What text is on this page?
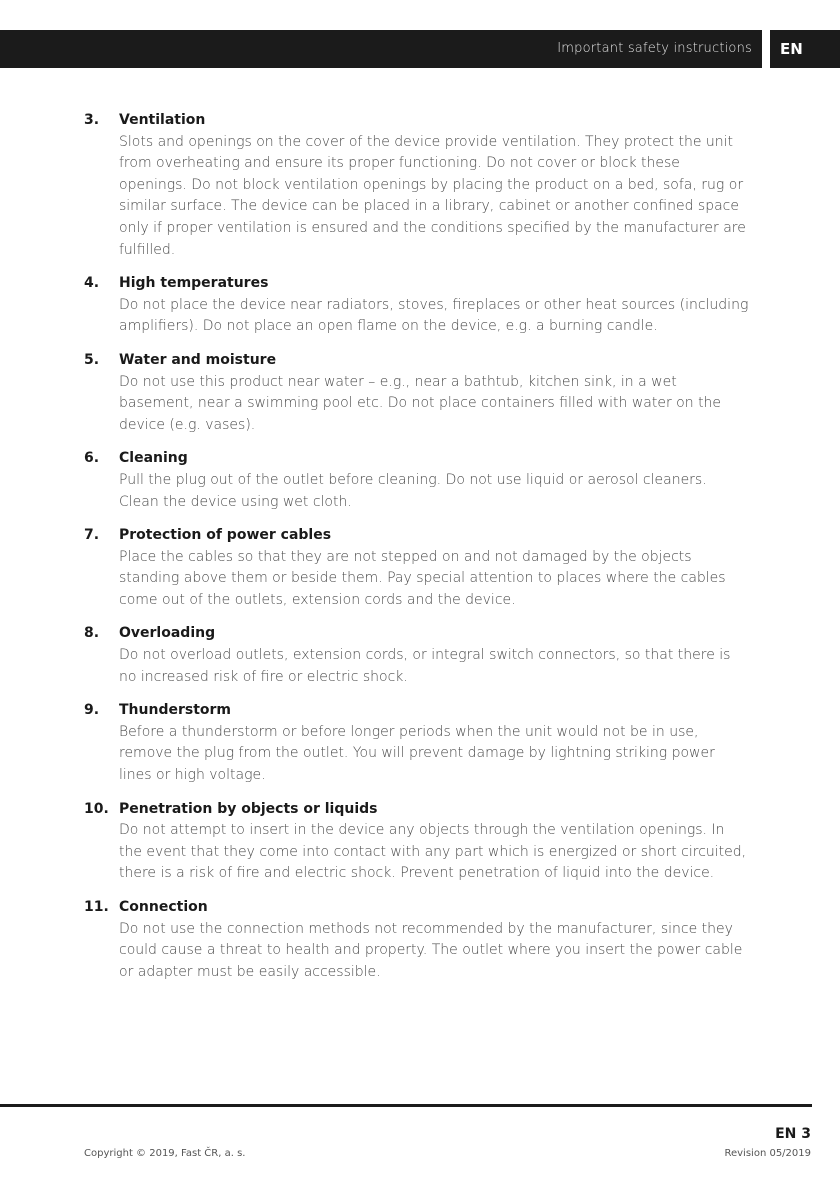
Important safety instructions	EN
3. Ventilation
Slots and openings on the cover of the device provide ventilation. They protect the unit from overheating and ensure its proper functioning. Do not cover or block these openings. Do not block ventilation openings by placing the product on a bed, sofa, rug or similar surface. The device can be placed in a library, cabinet or another confined space only if proper ventilation is ensured and the conditions specified by the manufacturer are fulfilled.
4. High temperatures
Do not place the device near radiators, stoves, fireplaces or other heat sources (including amplifiers). Do not place an open flame on the device, e.g. a burning candle.
5. Water and moisture
Do not use this product near water – e.g., near a bathtub, kitchen sink, in a wet basement, near a swimming pool etc. Do not place containers filled with water on the device (e.g. vases).
6. Cleaning
Pull the plug out of the outlet before cleaning. Do not use liquid or aerosol cleaners. Clean the device using wet cloth.
7. Protection of power cables
Place the cables so that they are not stepped on and not damaged by the objects standing above them or beside them. Pay special attention to places where the cables come out of the outlets, extension cords and the device.
8. Overloading
Do not overload outlets, extension cords, or integral switch connectors, so that there is no increased risk of fire or electric shock.
9. Thunderstorm
Before a thunderstorm or before longer periods when the unit would not be in use, remove the plug from the outlet. You will prevent damage by lightning striking power lines or high voltage.
10. Penetration by objects or liquids
Do not attempt to insert in the device any objects through the ventilation openings. In the event that they come into contact with any part which is energized or short circuited, there is a risk of fire and electric shock. Prevent penetration of liquid into the device.
11. Connection
Do not use the connection methods not recommended by the manufacturer, since they could cause a threat to health and property. The outlet where you insert the power cable or adapter must be easily accessible.
EN 3
Copyright © 2019, Fast ČR, a. s.	Revision 05/2019
